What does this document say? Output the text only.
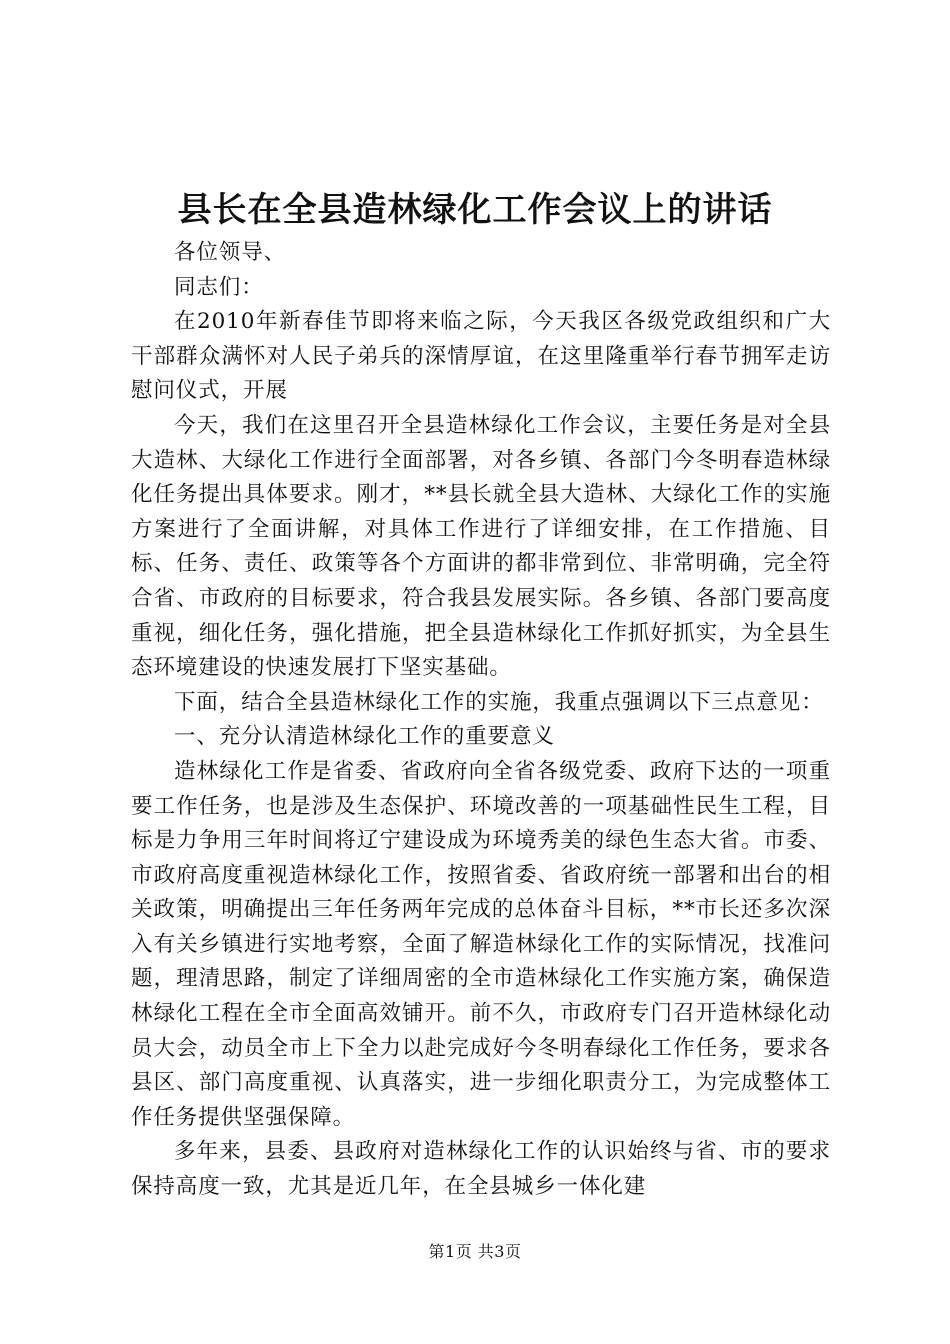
县长在全县造林绿化工作会议上的讲话

各位领导、

同志们：

在2010年新春佳节即将来临之际，今天我区各级党政组织和广大干部群众满怀对人民子弟兵的深情厚谊，在这里隆重举行春节拥军走访慰问仪式，开展

今天，我们在这里召开全县造林绿化工作会议，主要任务是对全县大造林、大绿化工作进行全面部署，对各乡镇、各部门今冬明春造林绿化任务提出具体要求。刚才，**县长就全县大造林、大绿化工作的实施方案进行了全面讲解，对具体工作进行了详细安排，在工作措施、目标、任务、责任、政策等各个方面讲的都非常到位、非常明确，完全符合省、市政府的目标要求，符合我县发展实际。各乡镇、各部门要高度重视，细化任务，强化措施，把全县造林绿化工作抓好抓实，为全县生态环境建设的快速发展打下坚实基础。

下面，结合全县造林绿化工作的实施，我重点强调以下三点意见：

一、充分认清造林绿化工作的重要意义

造林绿化工作是省委、省政府向全省各级党委、政府下达的一项重要工作任务，也是涉及生态保护、环境改善的一项基础性民生工程，目标是力争用三年时间将辽宁建设成为环境秀美的绿色生态大省。市委、市政府高度重视造林绿化工作，按照省委、省政府统一部署和出台的相关政策，明确提出三年任务两年完成的总体奋斗目标，**市长还多次深入有关乡镇进行实地考察，全面了解造林绿化工作的实际情况，找准问题，理清思路，制定了详细周密的全市造林绿化工作实施方案，确保造林绿化工程在全市全面高效铺开。前不久，市政府专门召开造林绿化动员大会，动员全市上下全力以赴完成好今冬明春绿化工作任务，要求各县区、部门高度重视、认真落实，进一步细化职责分工，为完成整体工作任务提供坚强保障。

多年来，县委、县政府对造林绿化工作的认识始终与省、市的要求保持高度一致，尤其是近几年，在全县城乡一体化建

第1页 共3页
